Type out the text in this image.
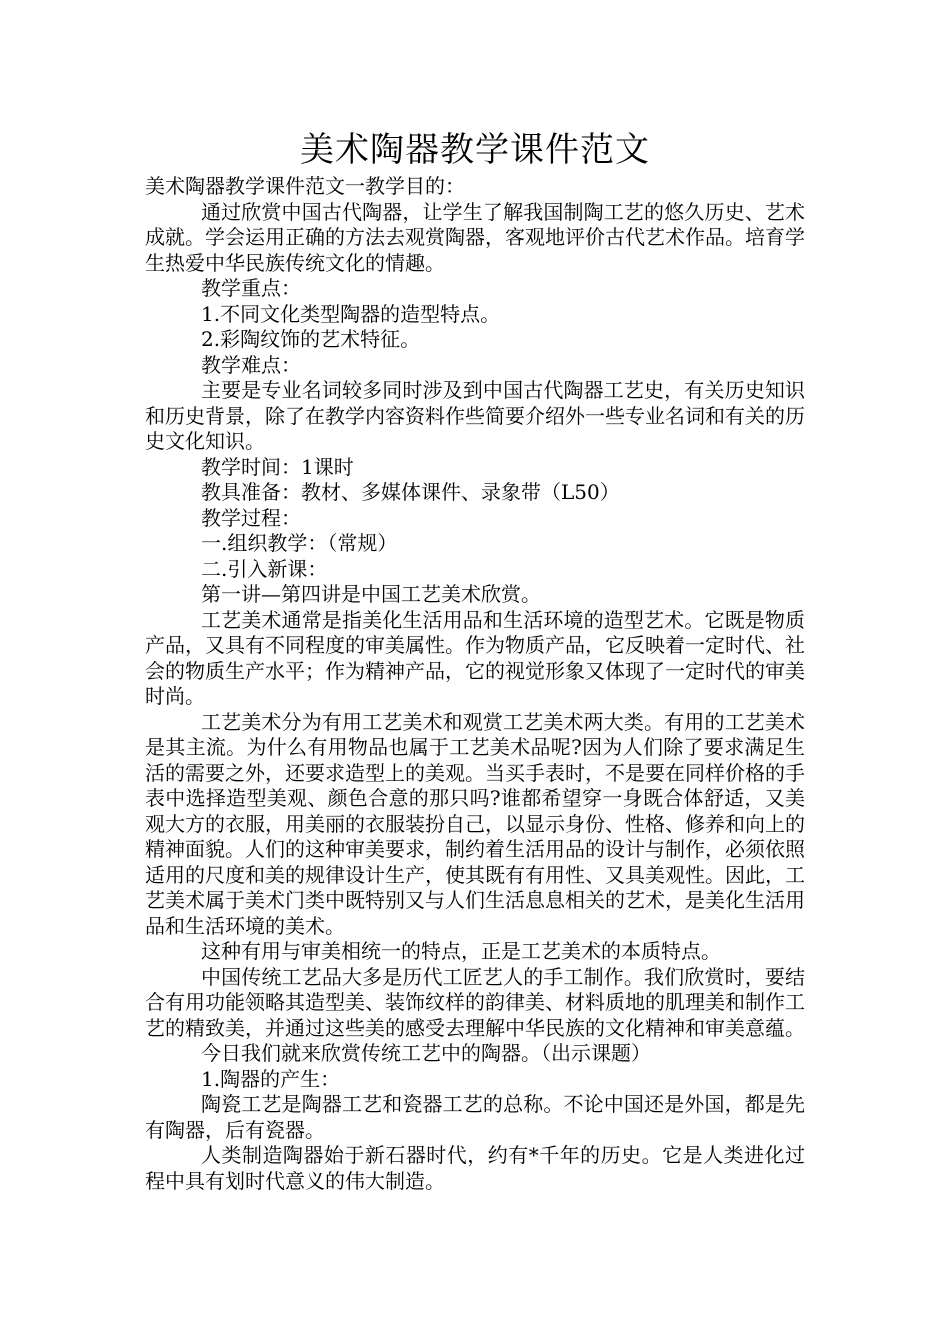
美术陶器教学课件范文

美术陶器教学课件范文一教学目的：

通过欣赏中国古代陶器，让学生了解我国制陶工艺的悠久历史、艺术成就。学会运用正确的方法去观赏陶器，客观地评价古代艺术作品。培育学生热爱中华民族传统文化的情趣。

教学重点：

1.不同文化类型陶器的造型特点。

2.彩陶纹饰的艺术特征。

教学难点：

主要是专业名词较多同时涉及到中国古代陶器工艺史，有关历史知识和历史背景，除了在教学内容资料作些简要介绍外一些专业名词和有关的历史文化知识。

教学时间：1课时

教具准备：教材、多媒体课件、录象带（L50）

教学过程：

一.组织教学：（常规）

二.引入新课：

第一讲—第四讲是中国工艺美术欣赏。

工艺美术通常是指美化生活用品和生活环境的造型艺术。它既是物质产品，又具有不同程度的审美属性。作为物质产品，它反映着一定时代、社会的物质生产水平；作为精神产品，它的视觉形象又体现了一定时代的审美时尚。

工艺美术分为有用工艺美术和观赏工艺美术两大类。有用的工艺美术是其主流。为什么有用物品也属于工艺美术品呢?因为人们除了要求满足生活的需要之外，还要求造型上的美观。当买手表时，不是要在同样价格的手表中选择造型美观、颜色合意的那只吗?谁都希望穿一身既合体舒适，又美观大方的衣服，用美丽的衣服装扮自己，以显示身份、性格、修养和向上的精神面貌。人们的这种审美要求，制约着生活用品的设计与制作，必须依照适用的尺度和美的规律设计生产，使其既有有用性、又具美观性。因此，工艺美术属于美术门类中既特别又与人们生活息息相关的艺术，是美化生活用品和生活环境的美术。

这种有用与审美相统一的特点，正是工艺美术的本质特点。

中国传统工艺品大多是历代工匠艺人的手工制作。我们欣赏时，要结合有用功能领略其造型美、装饰纹样的韵律美、材料质地的肌理美和制作工艺的精致美，并通过这些美的感受去理解中华民族的文化精神和审美意蕴。

今日我们就来欣赏传统工艺中的陶器。（出示课题）

1.陶器的产生：

陶瓷工艺是陶器工艺和瓷器工艺的总称。不论中国还是外国，都是先有陶器，后有瓷器。

人类制造陶器始于新石器时代，约有*千年的历史。它是人类进化过程中具有划时代意义的伟大制造。
